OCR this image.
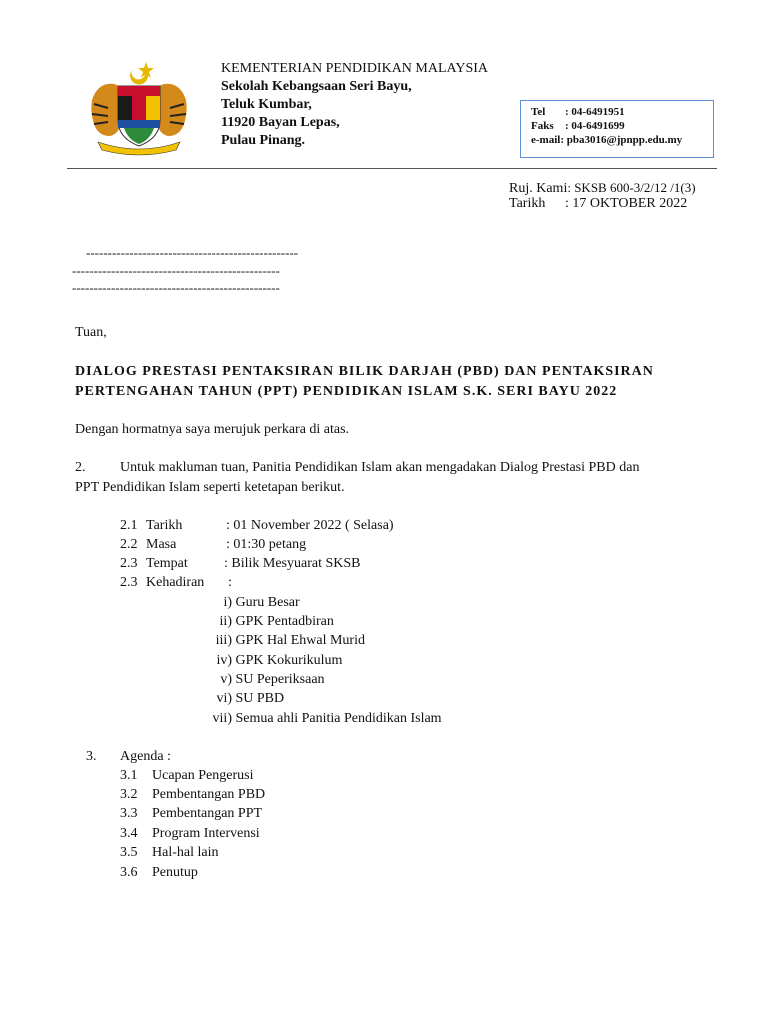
KEMENTERIAN PENDIDIKAN MALAYSIA
Sekolah Kebangsaan Seri Bayu,
Teluk Kumbar,
11920 Bayan Lepas,
Pulau Pinang.
Tel	: 04-6491951
Faks	: 04-6491699
e-mail : pba3016@jpnpp.edu.my
Ruj. Kami: SKSB 600-3/2/12 /1(3)
Tarikh : 17 OKTOBER 2022
-------------------------------------------------
------------------------------------------------
------------------------------------------------
Tuan,
DIALOG PRESTASI PENTAKSIRAN BILIK DARJAH (PBD) DAN PENTAKSIRAN
PERTENGAHAN TAHUN (PPT) PENDIDIKAN ISLAM S.K. SERI BAYU 2022
Dengan hormatnya saya merujuk perkara di atas.
2. Untuk makluman tuan, Panitia Pendidikan Islam akan mengadakan Dialog Prestasi PBD dan
PPT Pendidikan Islam seperti ketetapan berikut.
2.1 Tarikh	: 01 November 2022 ( Selasa)
2.2 Masa	: 01:30 petang
2.3 Tempat	: Bilik Mesyuarat SKSB
2.3 Kehadiran :
i) Guru Besar
ii) GPK Pentadbiran
iii) GPK Hal Ehwal Murid
iv) GPK Kokurikulum
v) SU Peperiksaan
vi) SU PBD
vii) Semua ahli Panitia Pendidikan Islam
3. Agenda :
3.1 Ucapan Pengerusi
3.2 Pembentangan PBD
3.3 Pembentangan PPT
3.4 Program Intervensi
3.5 Hal-hal lain
3.6 Penutup
